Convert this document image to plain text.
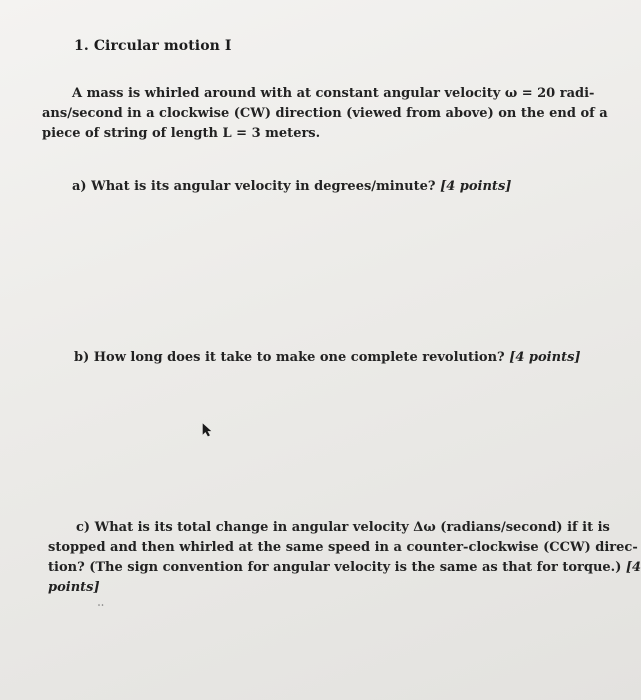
1. Circular motion I
A mass is whirled around with at constant angular velocity ω = 20 radi-
ans/second in a clockwise (CW) direction (viewed from above) on the end of a
piece of string of length L = 3 meters.
a) What is its angular velocity in degrees/minute? [4 points]
b) How long does it take to make one complete revolution? [4 points]
c) What is its total change in angular velocity Δω (radians/second) if it is
stopped and then whirled at the same speed in a counter-clockwise (CCW) direc-
tion? (The sign convention for angular velocity is the same as that for torque.) [4
points]
